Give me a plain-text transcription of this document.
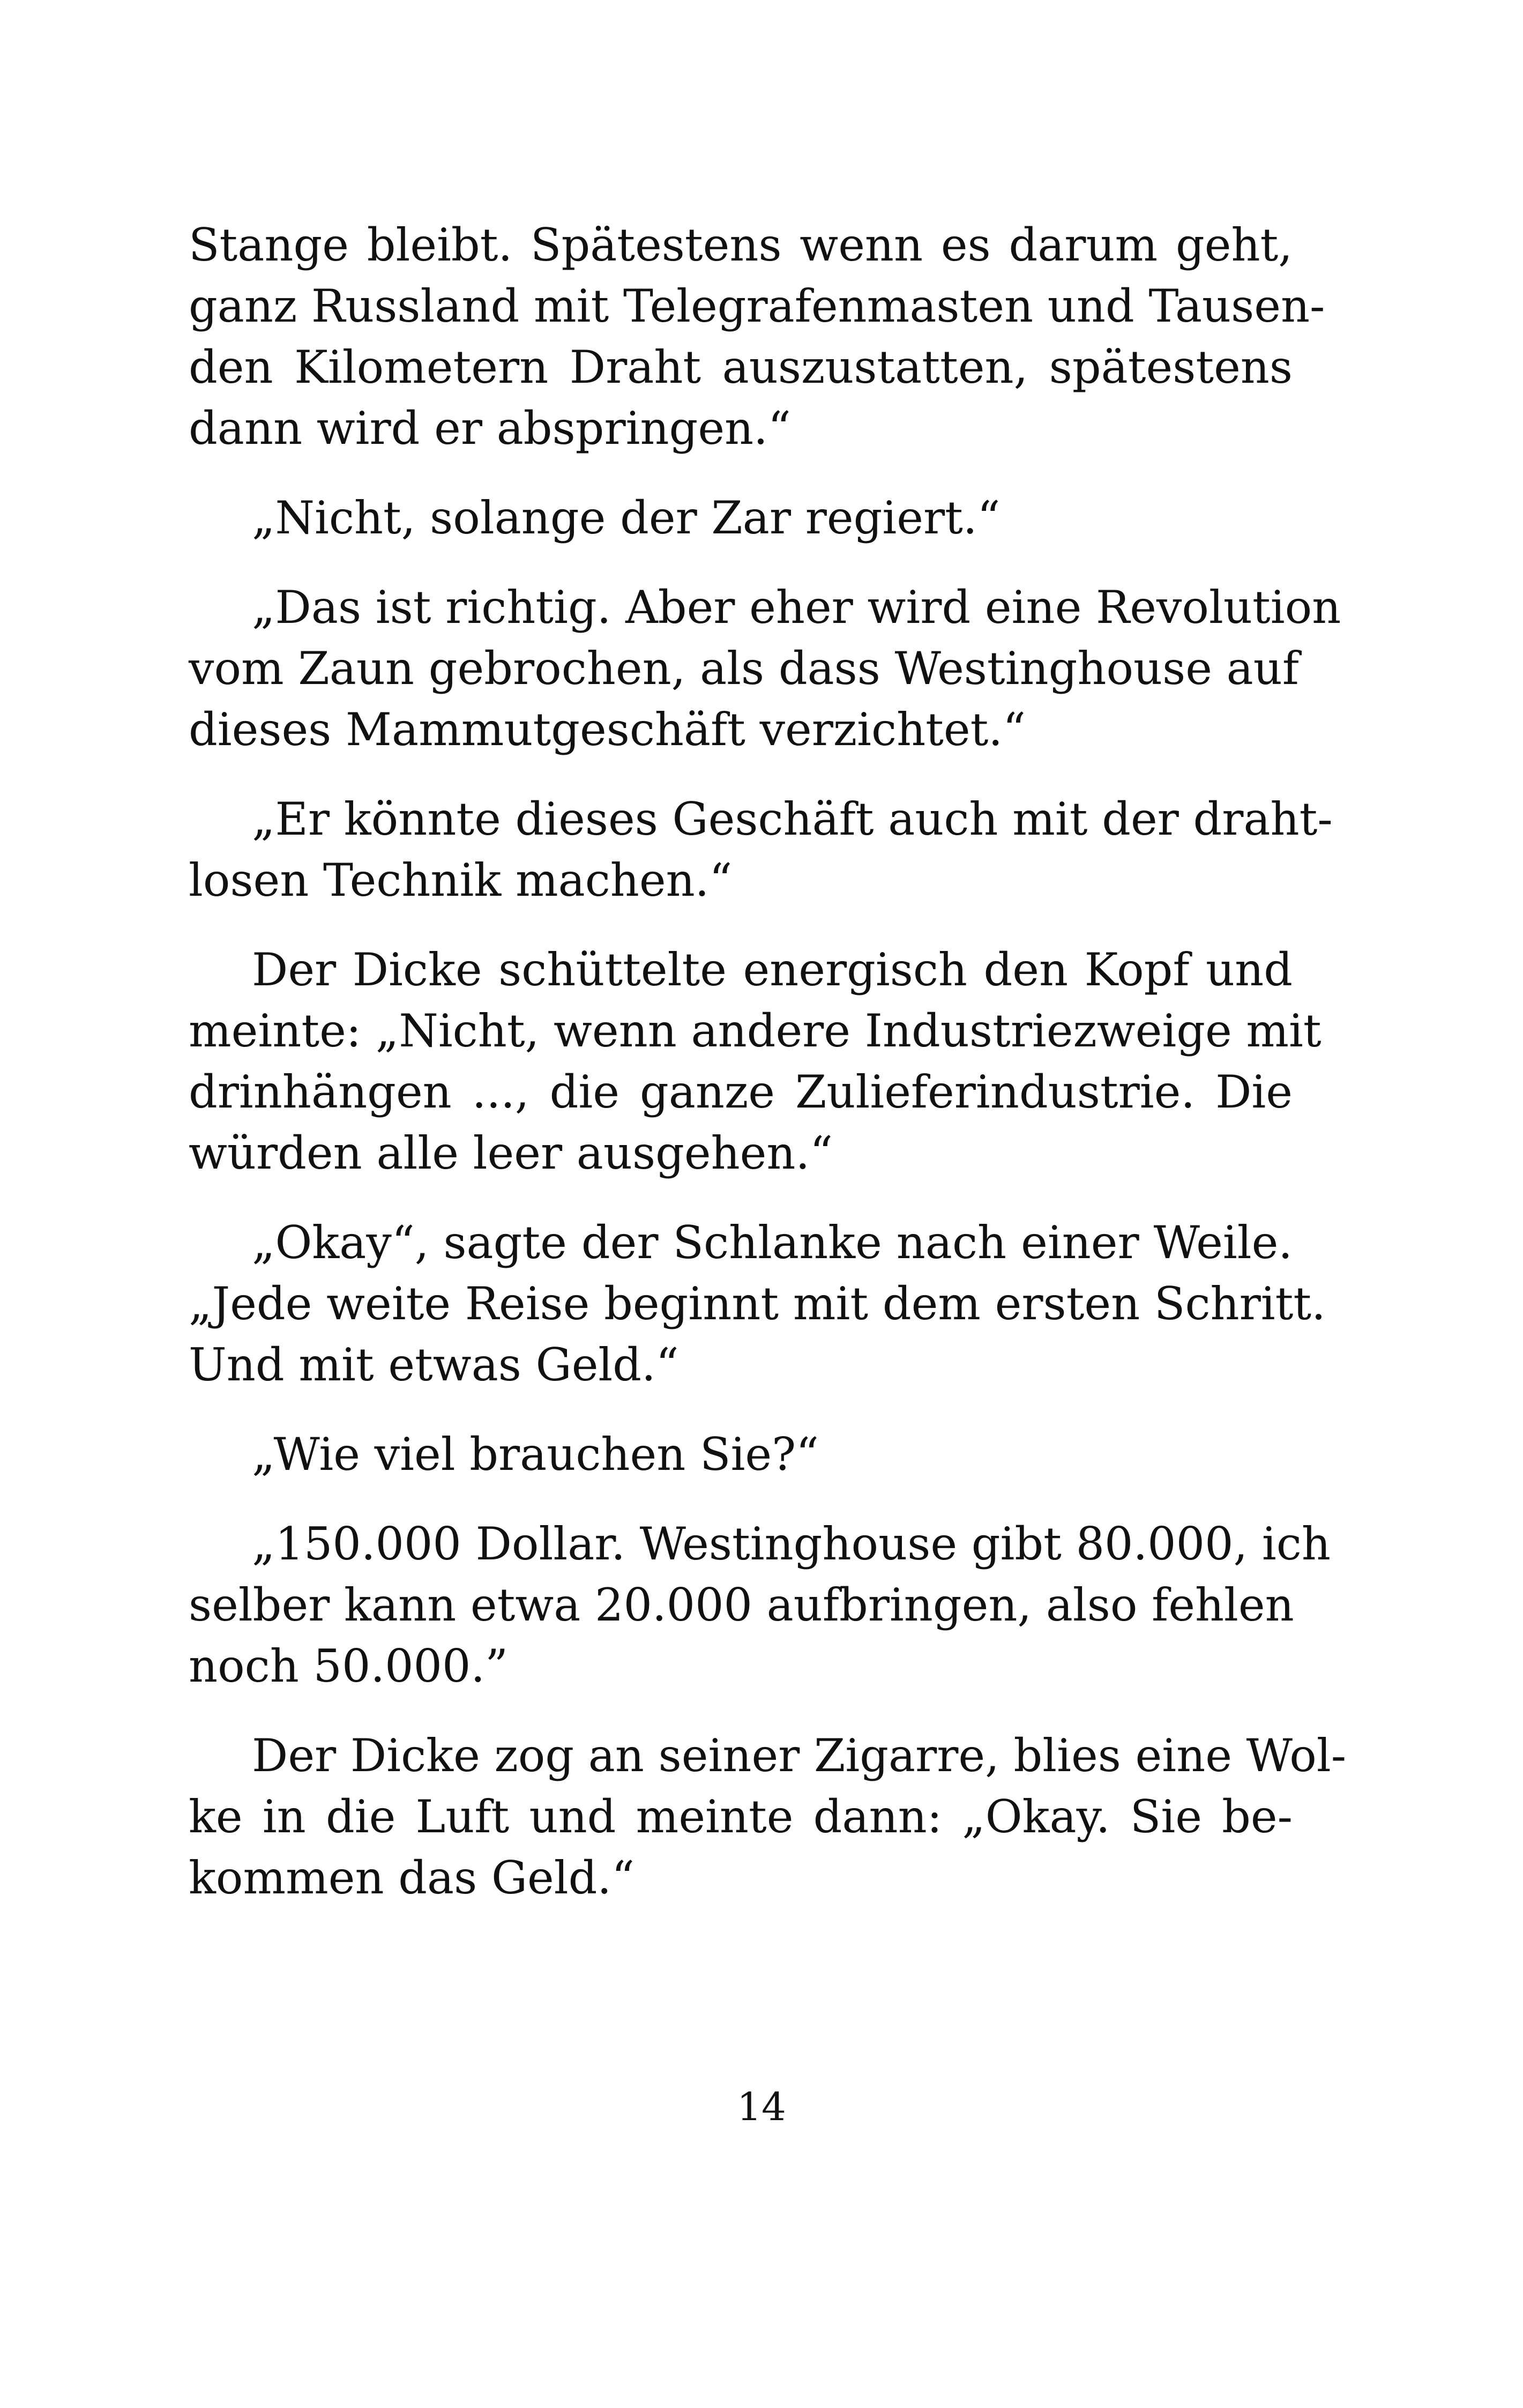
Stange bleibt. Spätestens wenn es darum geht,
ganz Russland mit Telegrafenmasten und Tausen-
den Kilometern Draht auszustatten, spätestens
dann wird er abspringen.“
„Nicht, solange der Zar regiert.“
„Das ist richtig. Aber eher wird eine Revolution
vom Zaun gebrochen, als dass Westinghouse auf
dieses Mammutgeschäft verzichtet.“
„Er könnte dieses Geschäft auch mit der draht-
losen Technik machen.“
Der Dicke schüttelte energisch den Kopf und
meinte: „Nicht, wenn andere Industriezweige mit
drinhängen ..., die ganze Zulieferindustrie. Die
würden alle leer ausgehen.“
„Okay“, sagte der Schlanke nach einer Weile.
„Jede weite Reise beginnt mit dem ersten Schritt.
Und mit etwas Geld.“
„Wie viel brauchen Sie?“
„150.000 Dollar. Westinghouse gibt 80.000, ich
selber kann etwa 20.000 aufbringen, also fehlen
noch 50.000.”
Der Dicke zog an seiner Zigarre, blies eine Wol-
ke in die Luft und meinte dann: „Okay. Sie be-
kommen das Geld.“
14
